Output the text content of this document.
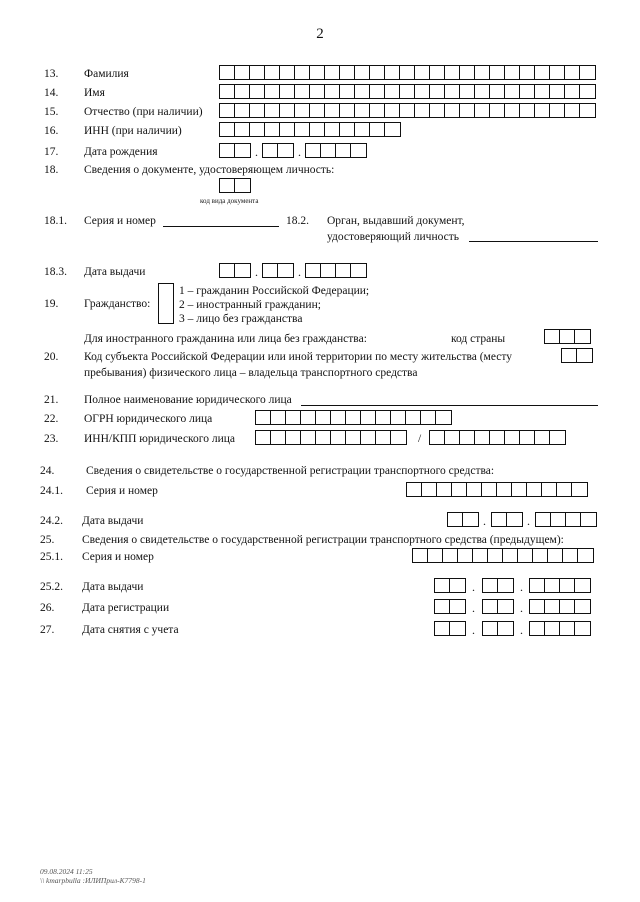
2
13. Фамилия
14. Имя
15. Отчество (при наличии)
16. ИНН (при наличии)
17. Дата рождения	.	.
18. Сведения о документе, удостоверяющем личность:
код вида документа
18.1. Серия и номер	18.2. Орган, выдавший документ,
удостоверяющий личность
18.3. Дата выдачи	.	.
19. Гражданство:
1 – гражданин Российской Федерации;
2 – иностранный гражданин;
3 – лицо без гражданства
Для иностранного гражданина или лица без гражданства:	код страны
20. Код субъекта Российской Федерации или иной территории по месту жительства (месту
пребывания) физического лица – владельца транспортного средства
21. Полное наименование юридического лица
22. ОГРН юридического лица
23. ИНН/КПП юридического лица	/
24.	Сведения о свидетельстве о государственной регистрации транспортного средства:
24.1. Серия и номер
24.2. Дата выдачи	.	.
25. Сведения о свидетельстве о государственной регистрации транспортного средства (предыдущем):
25.1. Серия и номер
25.2. Дата выдачи	.	.
26. Дата регистрации	.	.
27. Дата снятия с учета	.	.
09.08.2024 11:25
\\ kmarpbulla :ИЛИПрил-К7798-1
